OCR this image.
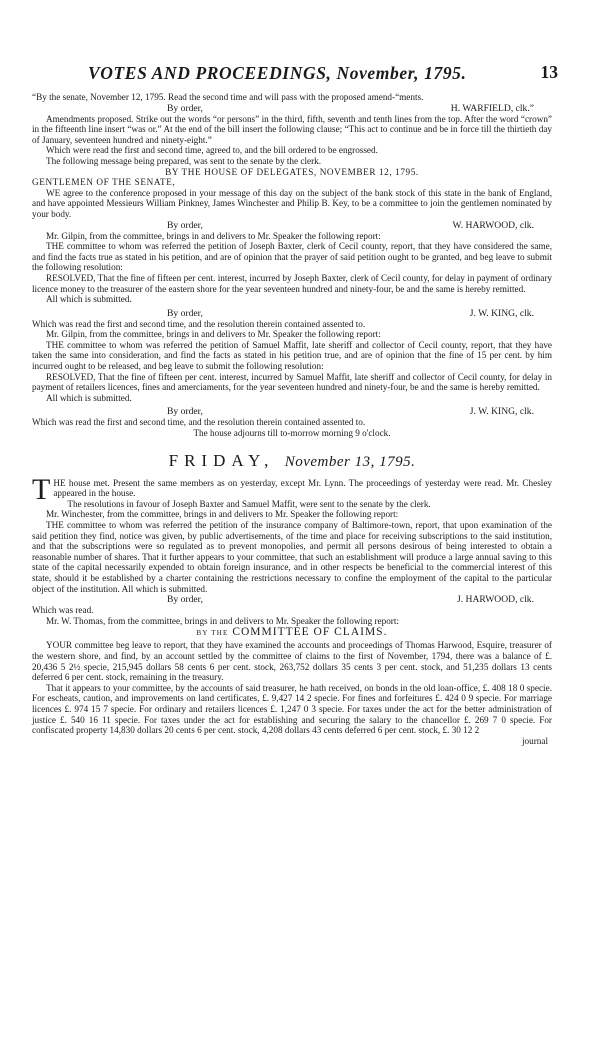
VOTES AND PROCEEDINGS, November, 1795.	13

“By the senate, November 12, 1795. Read the second time and will pass with the proposed amend-“ments.

By order,	H. WARFIELD, clk.”

Amendments proposed. Strike out the words “or persons” in the third, fifth, seventh and tenth lines from the top. After the word “crown” in the fifteenth line insert “was or.” At the end of the bill insert the following clause; “This act to continue and be in force till the thirtieth day of January, seventeen hundred and ninety-eight.”

Which were read the first and second time, agreed to, and the bill ordered to be engrossed.

The following message being prepared, was sent to the senate by the clerk.

BY THE HOUSE OF DELEGATES, NOVEMBER 12, 1795.

GENTLEMEN OF THE SENATE,

WE agree to the conference proposed in your message of this day on the subject of the bank stock of this state in the bank of England, and have appointed Messieurs William Pinkney, James Winchester and Philip B. Key, to be a committee to join the gentlemen nominated by your body.

By order,	W. HARWOOD, clk.

Mr. Gilpin, from the committee, brings in and delivers to Mr. Speaker the following report:

THE committee to whom was referred the petition of Joseph Baxter, clerk of Cecil county, report, that they have considered the same, and find the facts true as stated in his petition, and are of opinion that the prayer of said petition ought to be granted, and beg leave to submit the following resolution:

RESOLVED, That the fine of fifteen per cent. interest, incurred by Joseph Baxter, clerk of Cecil county, for delay in payment of ordinary licence money to the treasurer of the eastern shore for the year seventeen hundred and ninety-four, be and the same is hereby remitted.

All which is submitted.

By order,	J. W. KING, clk.

Which was read the first and second time, and the resolution therein contained assented to.

Mr. Gilpin, from the committee, brings in and delivers to Mr. Speaker the following report:

THE committee to whom was referred the petition of Samuel Maffit, late sheriff and collector of Cecil county, report, that they have taken the same into consideration, and find the facts as stated in his petition true, and are of opinion that the fine of 15 per cent. by him incurred ought to be released, and beg leave to submit the following resolution:

RESOLVED, That the fine of fifteen per cent. interest, incurred by Samuel Maffit, late sheriff and collector of Cecil county, for delay in payment of retailers licences, fines and amerciaments, for the year seventeen hundred and ninety-four, be and the same is hereby remitted.

All which is submitted.

By order,	J. W. KING, clk.

Which was read the first and second time, and the resolution therein contained assented to.

The house adjourns till to-morrow morning 9 o'clock.
FRIDAY, November 13, 1795.

THE house met. Present the same members as on yesterday, except Mr. Lynn. The proceedings of yesterday were read. Mr. Chesley appeared in the house.

The resolutions in favour of Joseph Baxter and Samuel Maffit, were sent to the senate by the clerk.

Mr. Winchester, from the committee, brings in and delivers to Mr. Speaker the following report:

THE committee to whom was referred the petition of the insurance company of Baltimore-town, report, that upon examination of the said petition they find, notice was given, by public advertisements, of the time and place for receiving subscriptions to the said institution, and that the subscriptions were so regulated as to prevent monopolies, and permit all persons desirous of being interested to obtain a reasonable number of shares. That it further appears to your committee, that such an establishment will produce a large annual saving to this state of the capital necessarily expended to obtain foreign insurance, and in other respects be beneficial to the commercial interest of this state, should it be established by a charter containing the restrictions necessary to confine the employment of the capital to the particular object of the institution. All which is submitted.

By order,	J. HARWOOD, clk.

Which was read.

Mr. W. Thomas, from the committee, brings in and delivers to Mr. Speaker the following report:

BY THE COMMITTEE OF CLAIMS.

YOUR committee beg leave to report, that they have examined the accounts and proceedings of Thomas Harwood, Esquire, treasurer of the western shore, and find, by an account settled by the committee of claims to the first of November, 1794, there was a balance of £. 20,436 5 2½ specie, 215,945 dollars 58 cents 6 per cent. stock, 263,752 dollars 35 cents 3 per cent. stock, and 51,235 dollars 13 cents deferred 6 per cent. stock, remaining in the treasury.

That it appears to your committee, by the accounts of said treasurer, he hath received, on bonds in the old loan-office, £. 408 18 0 specie. For escheats, caution, and improvements on land certificates, £. 9,427 14 2 specie. For fines and forfeitures £. 424 0 9 specie. For marriage licences £. 974 15 7 specie. For ordinary and retailers licences £. 1,247 0 3 specie. For taxes under the act for the better administration of justice £. 540 16 11 specie. For taxes under the act for establishing and securing the salary to the chancellor £. 269 7 0 specie. For confiscated property 14,830 dollars 20 cents 6 per cent. stock, 4,208 dollars 43 cents deferred 6 per cent. stock, £. 30 12 2

journal
